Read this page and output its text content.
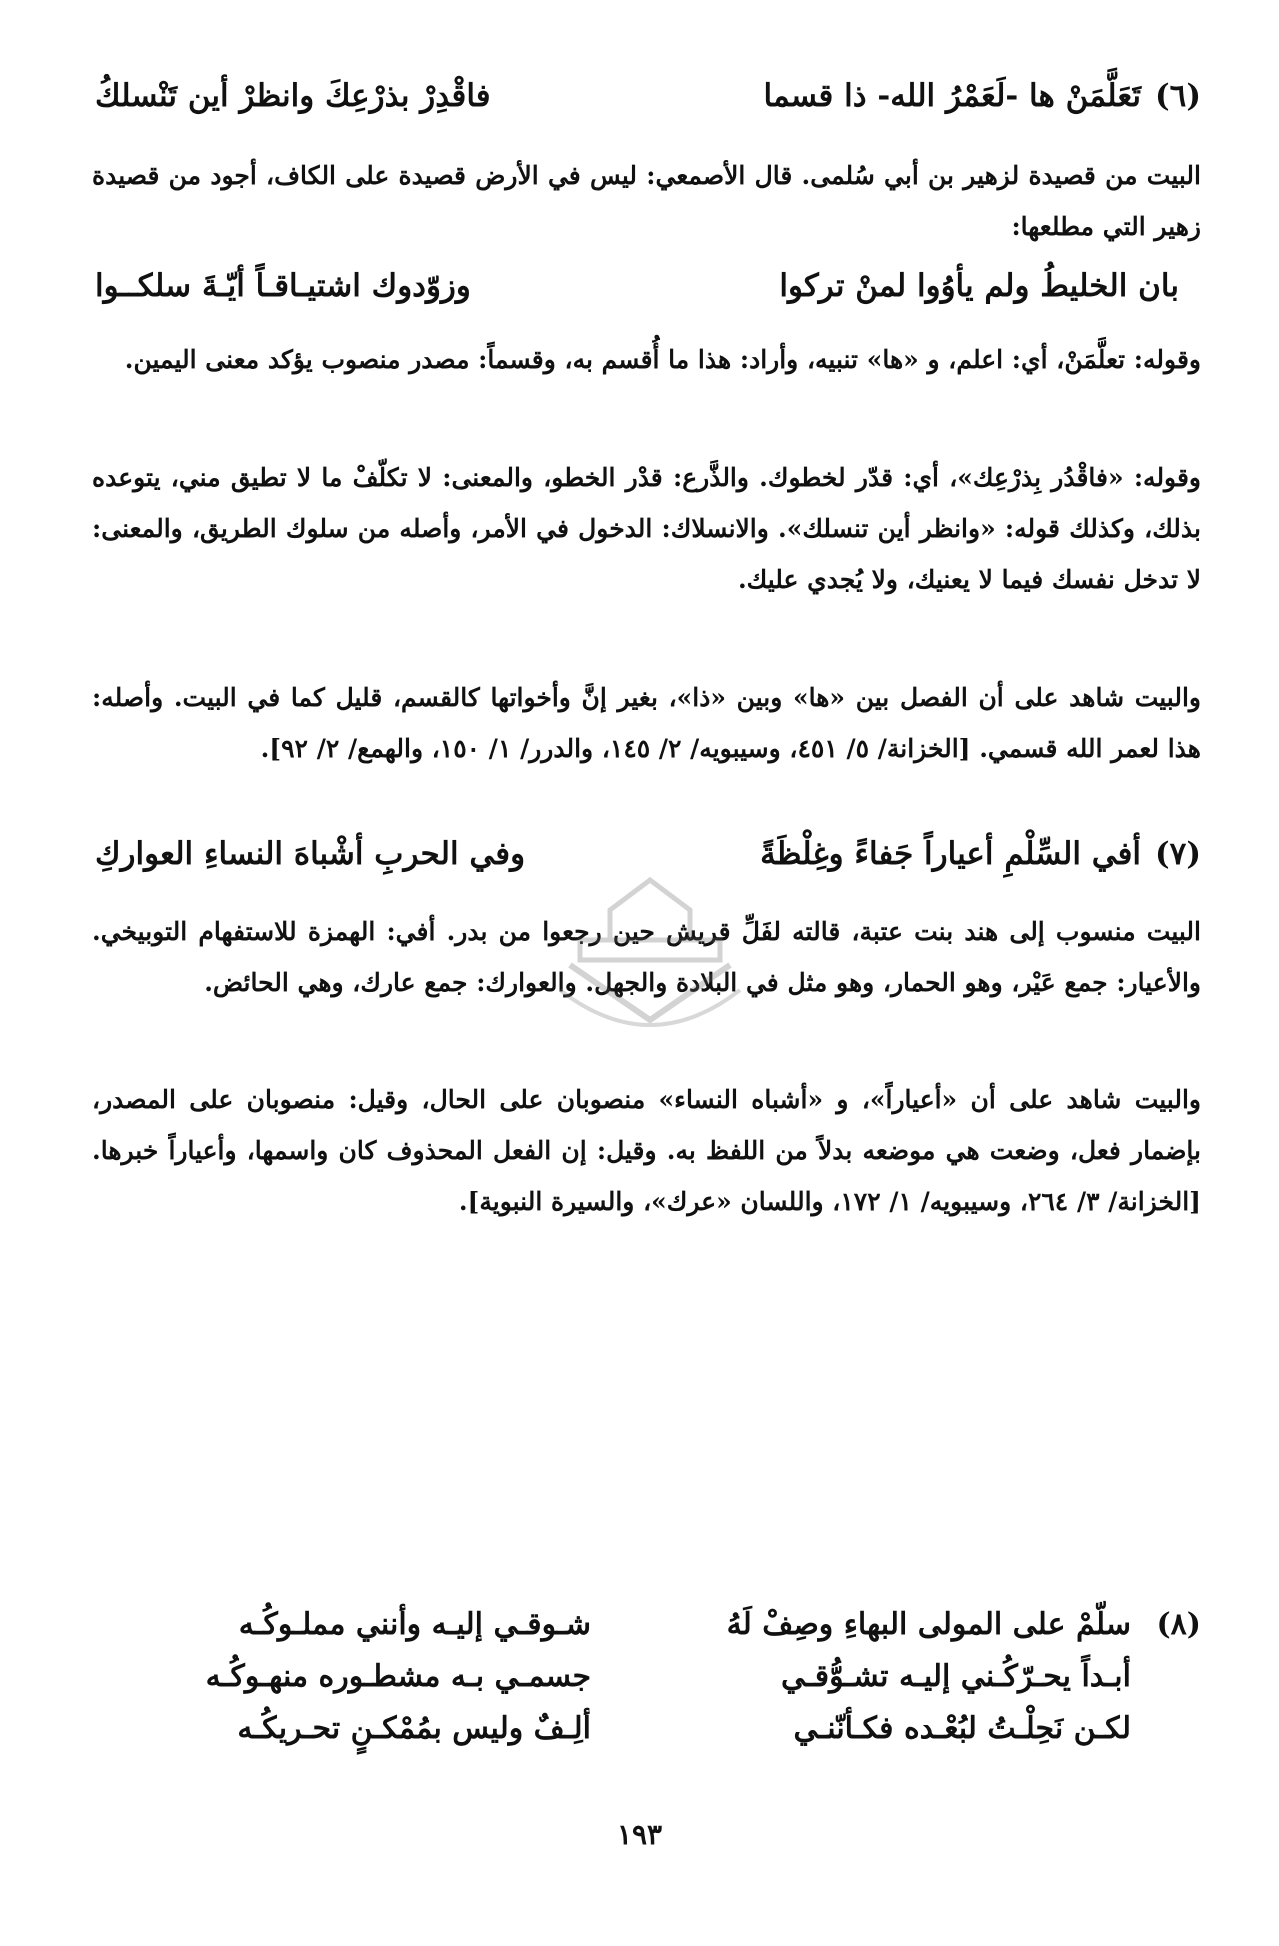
(٦)
تَعَلَّمَنْ ها -لَعَمْرُ الله- ذا قسما
فاقْدِرْ بذرْعِكَ وانظرْ أين تَنْسلكُ
البيت من قصيدة لزهير بن أبي سُلمى. قال الأصمعي: ليس في الأرض قصيدة على الكاف، أجود من قصيدة زهير التي مطلعها:
بان الخليطُ ولم يأوُوا لمنْ تركوا
وزوّدوك اشتيـاقـاً أيّـةَ سلكــوا
وقوله: تعلَّمَنْ، أي: اعلم، و «ها» تنبيه، وأراد: هذا ما أُقسم به، وقسماً: مصدر منصوب يؤكد معنى اليمين.
وقوله: «فاقْدُر بِذرْعِك»، أي: قدّر لخطوك. والذَّرع: قدْر الخطو، والمعنى: لا تكلّفْ ما لا تطيق مني، يتوعده بذلك، وكذلك قوله: «وانظر أين تنسلك». والانسلاك: الدخول في الأمر، وأصله من سلوك الطريق، والمعنى: لا تدخل نفسك فيما لا يعنيك، ولا يُجدي عليك.
والبيت شاهد على أن الفصل بين «ها» وبين «ذا»، بغير إنَّ وأخواتها كالقسم، قليل كما في البيت. وأصله: هذا لعمر الله قسمي. [الخزانة/ ٥/ ٤٥١، وسيبويه/ ٢/ ١٤٥، والدرر/ ١/ ١٥٠، والهمع/ ٢/ ٩٢].
(٧)
أفي السِّلْمِ أعياراً جَفاءً وغِلْظَةً
وفي الحربِ أشْباهَ النساءِ العواركِ
البيت منسوب إلى هند بنت عتبة، قالته لفَلِّ قريش حين رجعوا من بدر. أفي: الهمزة للاستفهام التوبيخي. والأعيار: جمع عَيْر، وهو الحمار، وهو مثل في البلادة والجهل. والعوارك: جمع عارك، وهي الحائض.
والبيت شاهد على أن «أعياراً»، و «أشباه النساء» منصوبان على الحال، وقيل: منصوبان على المصدر، بإضمار فعل، وضعت هي موضعه بدلاً من اللفظ به. وقيل: إن الفعل المحذوف كان واسمها، وأعياراً خبرها. [الخزانة/ ٣/ ٢٦٤، وسيبويه/ ١/ ١٧٢، واللسان «عرك»، والسيرة النبوية].
(٨)
سلّمْ على المولى البهاءِ وصِفْ لَهُ
شـوقـي إليـه وأنني مملـوكُـه
أبـداً يحـرّكُـني إليـه تشـوُّقـي
جسمـي بـه مشطـوره منهـوكُـه
لكـن نَحِلْـتُ لبُعْـده فكـأنّنـي
ألِـفٌ وليس بمُمْكـنٍ تحـريكُـه
١٩٣
